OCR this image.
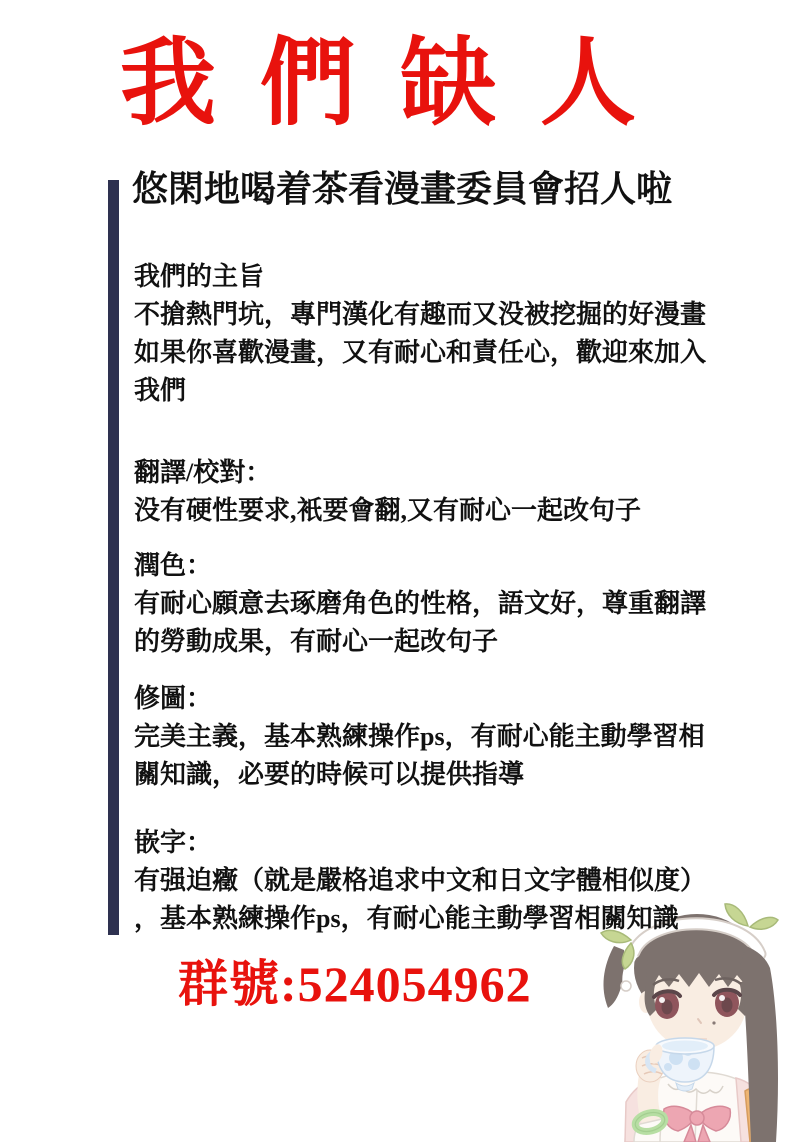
我 們 缺 人
悠閑地喝着茶看漫畫委員會招人啦
我們的主旨
不搶熱門坑，專門漢化有趣而又没被挖掘的好漫畫
如果你喜歡漫畫，又有耐心和責任心，歡迎來加入
我們
翻譯/校對：
没有硬性要求,衹要會翻,又有耐心一起改句子
潤色：
有耐心願意去琢磨角色的性格，語文好，尊重翻譯
的勞動成果，有耐心一起改句子
修圖：
完美主義，基本熟練操作ps，有耐心能主動學習相
關知識，必要的時候可以提供指導
嵌字：
有强迫癥（就是嚴格追求中文和日文字體相似度）
，基本熟練操作ps，有耐心能主動學習相關知識
群號:524054962
